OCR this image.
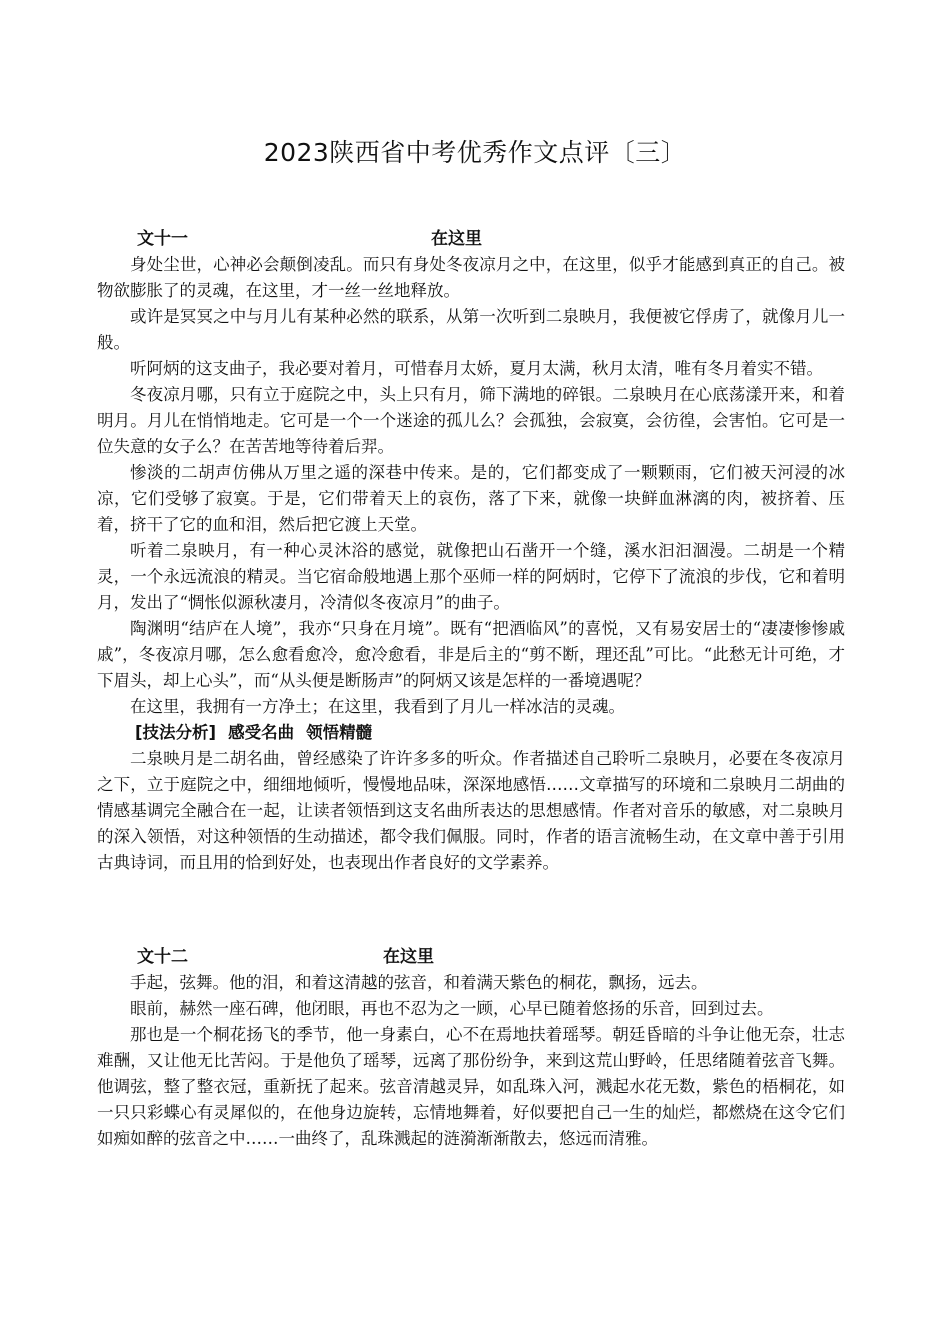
2023陕西省中考优秀作文点评〔三〕
文十一	在这里

身处尘世，心神必会颠倒凌乱。而只有身处冬夜凉月之中，在这里，似乎才能感到真正的自己。被物欲膨胀了的灵魂，在这里，才一丝一丝地释放。

或许是冥冥之中与月儿有某种必然的联系，从第一次听到二泉映月，我便被它俘虏了，就像月儿一般。

听阿炳的这支曲子，我必要对着月，可惜春月太娇，夏月太满，秋月太清，唯有冬月着实不错。

冬夜凉月哪，只有立于庭院之中，头上只有月，筛下满地的碎银。二泉映月在心底荡漾开来，和着明月。月儿在悄悄地走。它可是一个一个迷途的孤儿么？会孤独，会寂寞，会彷徨，会害怕。它可是一位失意的女子么？在苦苦地等待着后羿。

惨淡的二胡声仿佛从万里之遥的深巷中传来。是的，它们都变成了一颗颗雨，它们被天河浸的冰凉，它们受够了寂寞。于是，它们带着天上的哀伤，落了下来，就像一块鲜血淋漓的肉，被挤着、压着，挤干了它的血和泪，然后把它渡上天堂。

听着二泉映月，有一种心灵沐浴的感觉，就像把山石凿开一个缝，溪水汩汩涸漫。二胡是一个精灵，一个永远流浪的精灵。当它宿命般地遇上那个巫师一样的阿炳时，它停下了流浪的步伐，它和着明月，发出了“惆怅似源秋凄月，冷清似冬夜凉月”的曲子。

陶渊明“结庐在人境”，我亦“只身在月境”。既有“把酒临风”的喜悦，又有易安居士的“凄凄惨惨戚戚”，冬夜凉月哪，怎么愈看愈冷，愈冷愈看，非是后主的“剪不断，理还乱”可比。“此愁无计可绝，才下眉头，却上心头”，而“从头便是断肠声”的阿炳又该是怎样的一番境遇呢？

在这里，我拥有一方净土；在这里，我看到了月儿一样冰洁的灵魂。

[技法分析] 感受名曲 领悟精髓

二泉映月是二胡名曲，曾经感染了许许多多的听众。作者描述自己聆听二泉映月，必要在冬夜凉月之下，立于庭院之中，细细地倾听，慢慢地品味，深深地感悟……文章描写的环境和二泉映月二胡曲的情感基调完全融合在一起，让读者领悟到这支名曲所表达的思想感情。作者对音乐的敏感，对二泉映月的深入领悟，对这种领悟的生动描述，都令我们佩服。同时，作者的语言流畅生动，在文章中善于引用古典诗词，而且用的恰到好处，也表现出作者良好的文学素养。

文十二	在这里

手起，弦舞。他的泪，和着这清越的弦音，和着满天紫色的桐花，飘扬，远去。

眼前，赫然一座石碑，他闭眼，再也不忍为之一顾，心早已随着悠扬的乐音，回到过去。

那也是一个桐花扬飞的季节，他一身素白，心不在焉地扶着瑶琴。朝廷昏暗的斗争让他无奈，壮志难酬，又让他无比苦闷。于是他负了瑶琴，远离了那份纷争，来到这荒山野岭，任思绪随着弦音飞舞。他调弦，整了整衣冠，重新抚了起来。弦音清越灵异，如乱珠入河，溅起水花无数，紫色的梧桐花，如一只只彩蝶心有灵犀似的，在他身边旋转，忘情地舞着，好似要把自己一生的灿烂，都燃烧在这令它们如痴如醉的弦音之中……一曲终了，乱珠溅起的涟漪渐渐散去，悠远而清雅。
